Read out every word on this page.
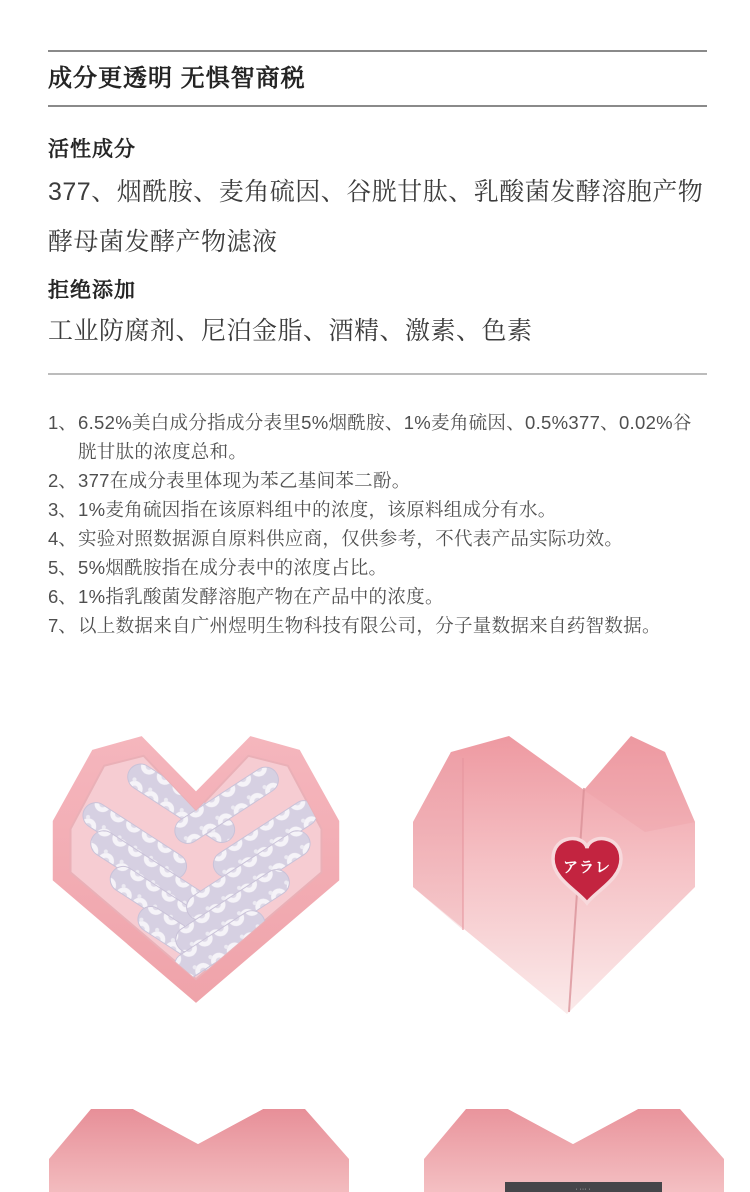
成分更透明 无惧智商税
活性成分
377、烟酰胺、麦角硫因、谷胱甘肽、乳酸菌发酵溶胞产物
酵母菌发酵产物滤液
拒绝添加
工业防腐剂、尼泊金脂、酒精、激素、色素
1、 6.52%美白成分指成分表里5%烟酰胺、1%麦角硫因、0.5%377、0.02%谷胱甘肽的浓度总和。
2、 377在成分表里体现为苯乙基间苯二酚。
3、 1%麦角硫因指在该原料组中的浓度，该原料组成分有水。
4、 实验对照数据源自原料供应商，仅供参考，不代表产品实际功效。
5、 5%烟酰胺指在成分表中的浓度占比。
6、 1%指乳酸菌发酵溶胞产物在产品中的浓度。
7、 以上数据来自广州煜明生物科技有限公司，分子量数据来自药智数据。
アラレ
· ··· ·
